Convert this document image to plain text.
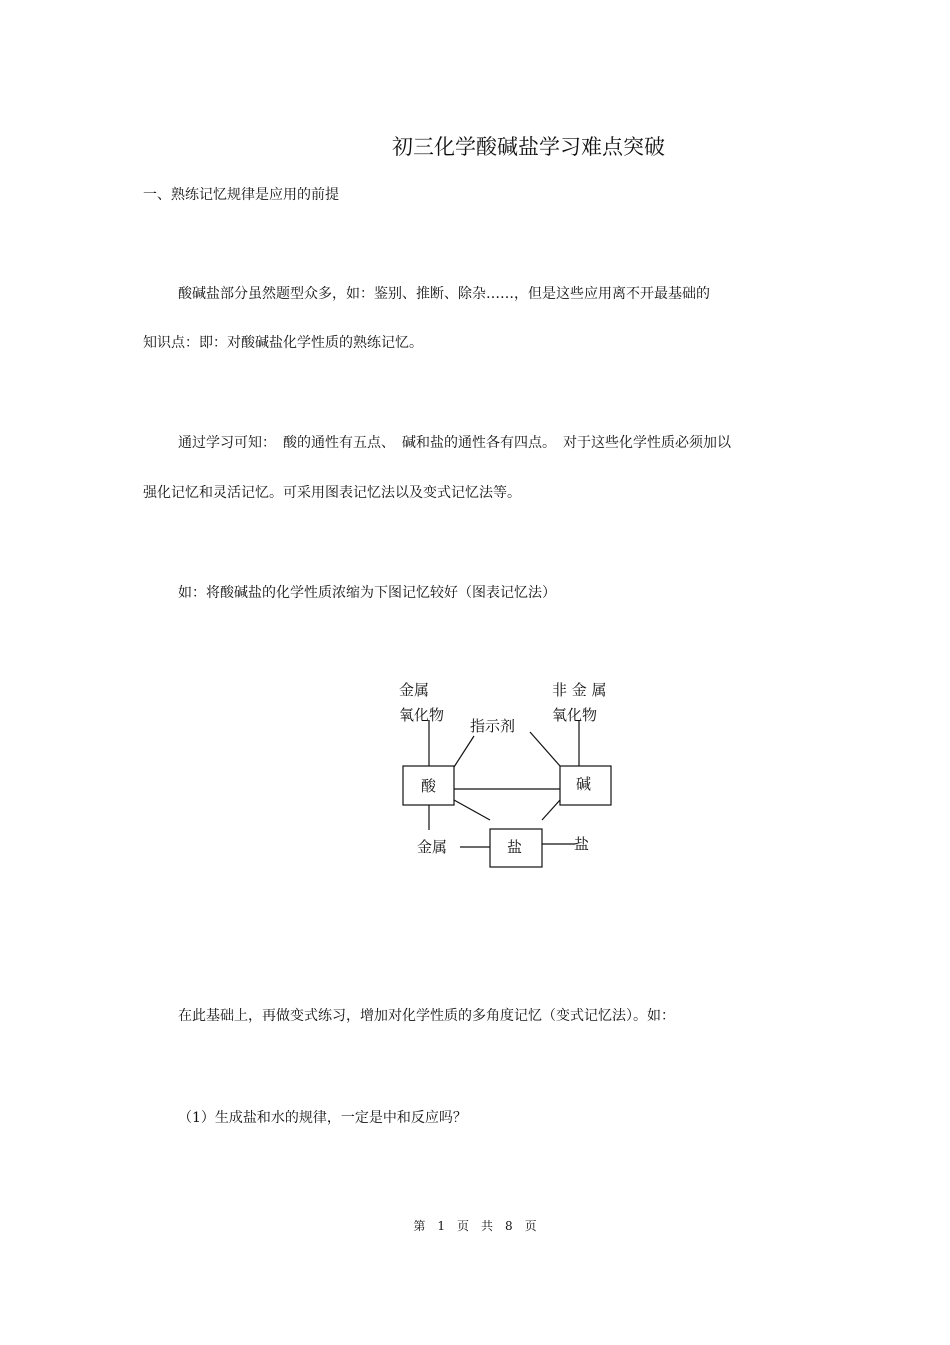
初三化学酸碱盐学习难点突破

一、熟练记忆规律是应用的前提

酸碱盐部分虽然题型众多，如：鉴别、推断、除杂……，但是这些应用离不开最基础的

知识点：即：对酸碱盐化学性质的熟练记忆。

通过学习可知：　酸的通性有五点、　碱和盐的通性各有四点。　对于这些化学性质必须加以

强化记忆和灵活记忆。可采用图表记忆法以及变式记忆法等。

如：将酸碱盐的化学性质浓缩为下图记忆较好（图表记忆法）

金属
氧化物
非 金 属
氧化物
指示剂
酸	碱
盐
金属	盐

在此基础上，再做变式练习，增加对化学性质的多角度记忆（变式记忆法）。如：

（1）生成盐和水的规律，一定是中和反应吗？

第　1　页　共　8　页
